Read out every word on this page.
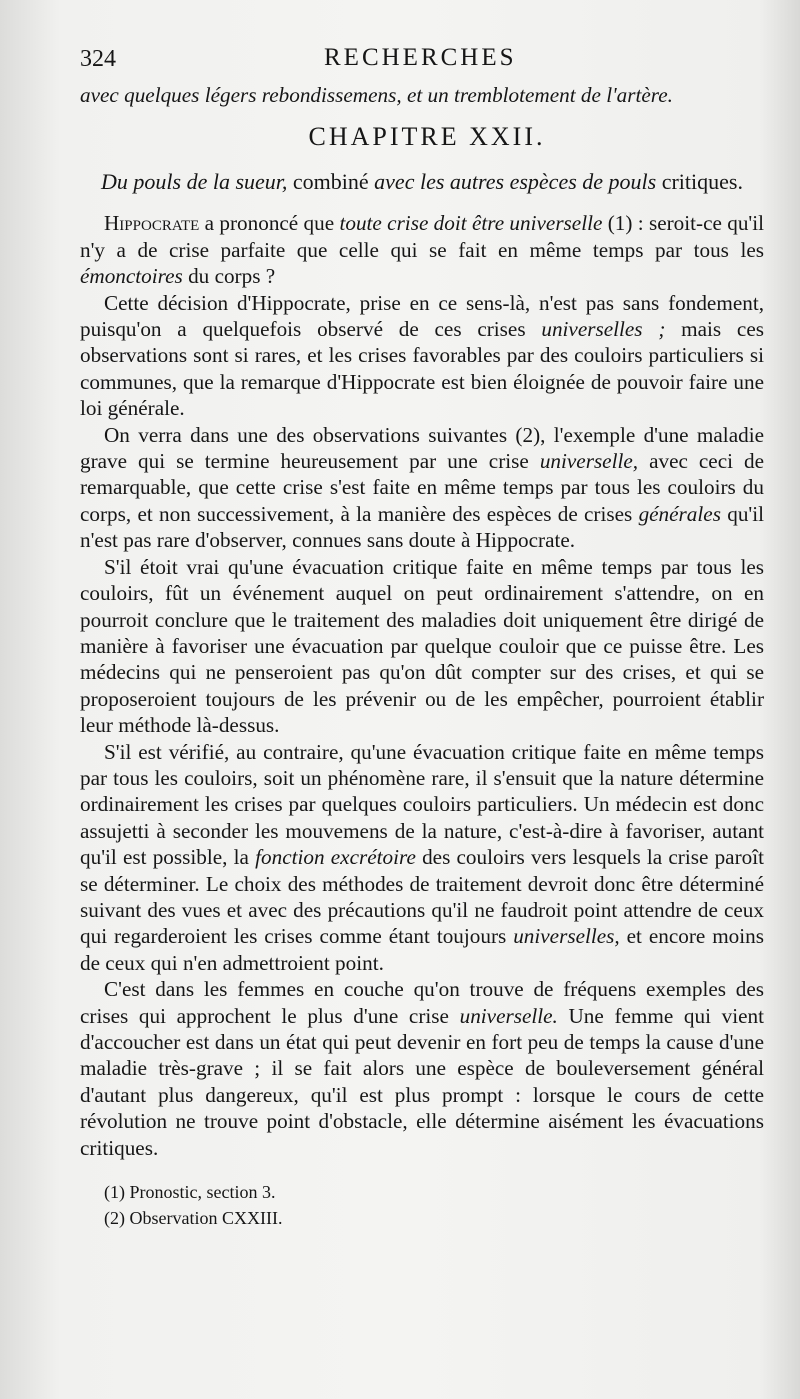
324	RECHERCHES

avec quelques légers rebondissemens, et un tremblotement de l'artère.

CHAPITRE XXII.
Du pouls de la sueur, combiné avec les autres espèces de pouls critiques.

Hippocrate a prononcé que toute crise doit être universelle (1) : seroit-ce qu'il n'y a de crise parfaite que celle qui se fait en même temps par tous les émonctoires du corps ?

Cette décision d'Hippocrate, prise en ce sens-là, n'est pas sans fondement, puisqu'on a quelquefois observé de ces crises universelles ; mais ces observations sont si rares, et les crises favorables par des couloirs particuliers si communes, que la remarque d'Hippocrate est bien éloignée de pouvoir faire une loi générale.

On verra dans une des observations suivantes (2), l'exemple d'une maladie grave qui se termine heureusement par une crise universelle, avec ceci de remarquable, que cette crise s'est faite en même temps par tous les couloirs du corps, et non successivement, à la manière des espèces de crises générales qu'il n'est pas rare d'observer, connues sans doute à Hippocrate.

S'il étoit vrai qu'une évacuation critique faite en même temps par tous les couloirs, fût un événement auquel on peut ordinairement s'attendre, on en pourroit conclure que le traitement des maladies doit uniquement être dirigé de manière à favoriser une évacuation par quelque couloir que ce puisse être. Les médecins qui ne penseroient pas qu'on dût compter sur des crises, et qui se proposeroient toujours de les prévenir ou de les empêcher, pourroient établir leur méthode là-dessus.

S'il est vérifié, au contraire, qu'une évacuation critique faite en même temps par tous les couloirs, soit un phénomène rare, il s'ensuit que la nature détermine ordinairement les crises par quelques couloirs particuliers. Un médecin est donc assujetti à seconder les mouvemens de la nature, c'est-à-dire à favoriser, autant qu'il est possible, la fonction excrétoire des couloirs vers lesquels la crise paroît se déterminer. Le choix des méthodes de traitement devroit donc être déterminé suivant des vues et avec des précautions qu'il ne faudroit point attendre de ceux qui regarderoient les crises comme étant toujours universelles, et encore moins de ceux qui n'en admettroient point.

C'est dans les femmes en couche qu'on trouve de fréquens exemples des crises qui approchent le plus d'une crise universelle. Une femme qui vient d'accoucher est dans un état qui peut devenir en fort peu de temps la cause d'une maladie très-grave ; il se fait alors une espèce de bouleversement général d'autant plus dangereux, qu'il est plus prompt : lorsque le cours de cette révolution ne trouve point d'obstacle, elle détermine aisément les évacuations critiques.

(1) Pronostic, section 3.
(2) Observation CXXIII.
